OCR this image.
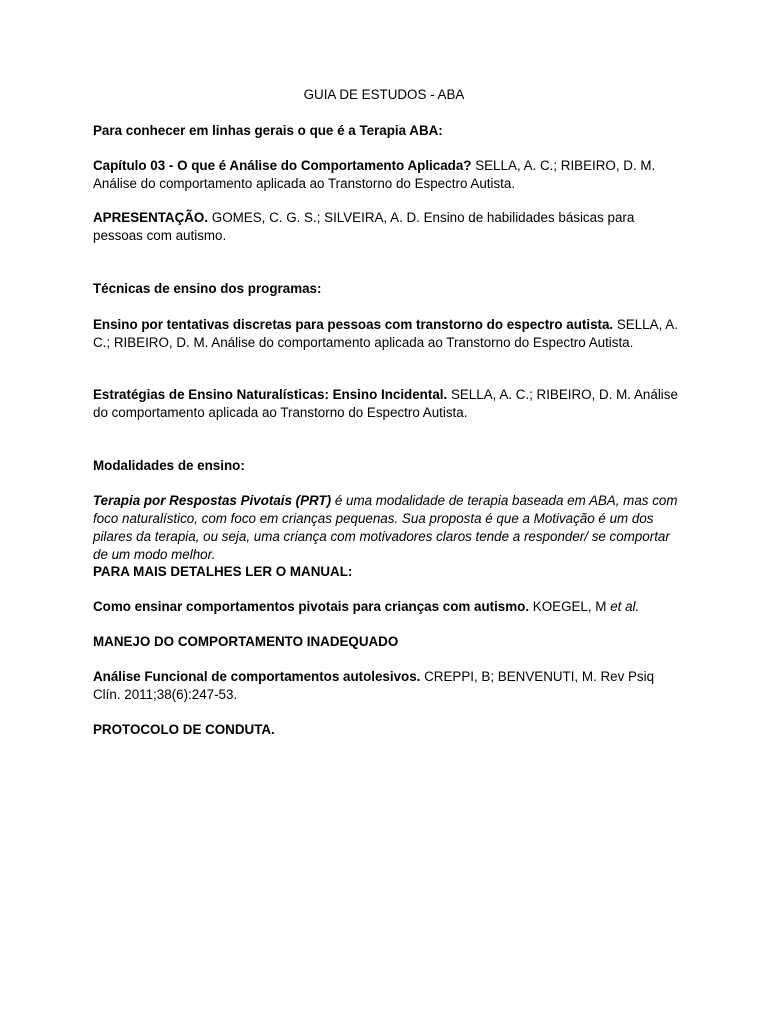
GUIA DE ESTUDOS - ABA
Para conhecer em linhas gerais o que é a Terapia ABA:
Capítulo 03 - O que é Análise do Comportamento Aplicada? SELLA, A. C.; RIBEIRO, D. M. Análise do comportamento aplicada ao Transtorno do Espectro Autista.
APRESENTAÇÃO. GOMES, C. G. S.; SILVEIRA, A. D. Ensino de habilidades básicas para pessoas com autismo.
Técnicas de ensino dos programas:
Ensino por tentativas discretas para pessoas com transtorno do espectro autista. SELLA, A. C.; RIBEIRO, D. M. Análise do comportamento aplicada ao Transtorno do Espectro Autista.
Estratégias de Ensino Naturalísticas: Ensino Incidental. SELLA, A. C.; RIBEIRO, D. M. Análise do comportamento aplicada ao Transtorno do Espectro Autista.
Modalidades de ensino:
Terapia por Respostas Pivotais (PRT) é uma modalidade de terapia baseada em ABA, mas com foco naturalístico, com foco em crianças pequenas. Sua proposta é que a Motivação é um dos pilares da terapia, ou seja, uma criança com motivadores claros tende a responder/ se comportar de um modo melhor.
PARA MAIS DETALHES LER O MANUAL:
Como ensinar comportamentos pivotais para crianças com autismo. KOEGEL, M et al.
MANEJO DO COMPORTAMENTO INADEQUADO
Análise Funcional de comportamentos autolesivos. CREPPI, B; BENVENUTI, M. Rev Psiq Clín. 2011;38(6):247-53.
PROTOCOLO DE CONDUTA.
